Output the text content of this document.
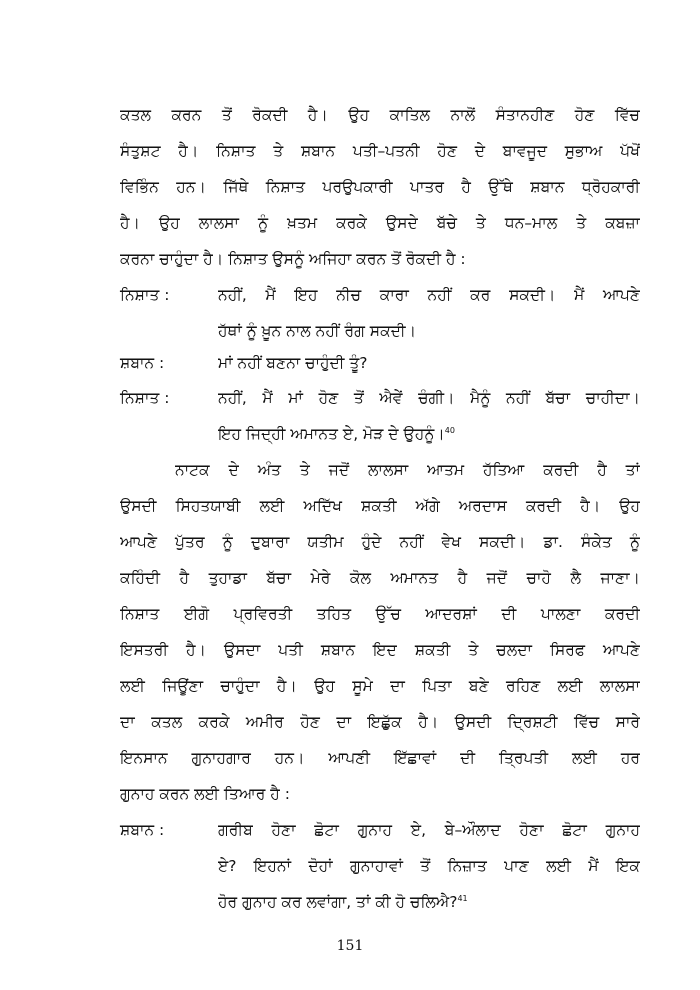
ਕਤਲ ਕਰਨ ਤੋਂ ਰੋਕਦੀ ਹੈ। ਉਹ ਕਾਤਿਲ ਨਾਲੋਂ ਸੰਤਾਨਹੀਣ ਹੋਣ ਵਿੱਚ
ਸੰਤੁਸ਼ਟ ਹੈ। ਨਿਸ਼ਾਤ ਤੇ ਸ਼ਬਾਨ ਪਤੀ–ਪਤਨੀ ਹੋਣ ਦੇ ਬਾਵਜੂਦ ਸੁਭਾਅ ਪੱਖੋਂ
ਵਿਭਿੰਨ ਹਨ। ਜਿੱਥੇ ਨਿਸ਼ਾਤ ਪਰਉਪਕਾਰੀ ਪਾਤਰ ਹੈ ਉੱਥੇ ਸ਼ਬਾਨ ਧ੍ਰੋਹਕਾਰੀ
ਹੈ। ਉਹ ਲਾਲਸਾ ਨੂੰ ਖ਼ਤਮ ਕਰਕੇ ਉਸਦੇ ਬੱਚੇ ਤੇ ਧਨ–ਮਾਲ ਤੇ ਕਬਜ਼ਾ
ਕਰਨਾ ਚਾਹੁੰਦਾ ਹੈ। ਨਿਸ਼ਾਤ ਉਸਨੂੰ ਅਜਿਹਾ ਕਰਨ ਤੋਂ ਰੋਕਦੀ ਹੈ :
ਨਿਸ਼ਾਤ :	ਨਹੀਂ, ਮੈਂ ਇਹ ਨੀਚ ਕਾਰਾ ਨਹੀਂ ਕਰ ਸਕਦੀ। ਮੈਂ ਆਪਣੇ
ਹੱਥਾਂ ਨੂੰ ਖ਼ੂਨ ਨਾਲ ਨਹੀਂ ਰੰਗ ਸਕਦੀ।
ਸ਼ਬਾਨ :	ਮਾਂ ਨਹੀਂ ਬਣਨਾ ਚਾਹੁੰਦੀ ਤੂੰ?
ਨਿਸ਼ਾਤ :	ਨਹੀਂ, ਮੈਂ ਮਾਂ ਹੋਣ ਤੋਂ ਐਵੇਂ ਚੰਗੀ। ਮੈਨੂੰ ਨਹੀਂ ਬੱਚਾ ਚਾਹੀਦਾ।
ਇਹ ਜਿਦ੍ਹੀ ਅਮਾਨਤ ਏ, ਮੋੜ ਦੇ ਉਹਨੂੰ।$^{40}$
ਨਾਟਕ ਦੇ ਅੰਤ ਤੇ ਜਦੋਂ ਲਾਲਸਾ ਆਤਮ ਹੱਤਿਆ ਕਰਦੀ ਹੈ ਤਾਂ
ਉਸਦੀ ਸਿਹਤਯਾਬੀ ਲਈ ਅਦਿੱਖ ਸ਼ਕਤੀ ਅੱਗੇ ਅਰਦਾਸ ਕਰਦੀ ਹੈ। ਉਹ
ਆਪਣੇ ਪੁੱਤਰ ਨੂੰ ਦੁਬਾਰਾ ਯਤੀਮ ਹੁੰਦੇ ਨਹੀਂ ਵੇਖ ਸਕਦੀ। ਡਾ. ਸੰਕੇਤ ਨੂੰ
ਕਹਿੰਦੀ ਹੈ ਤੁਹਾਡਾ ਬੱਚਾ ਮੇਰੇ ਕੋਲ ਅਮਾਨਤ ਹੈ ਜਦੋਂ ਚਾਹੋ ਲੈ ਜਾਣਾ।
ਨਿਸ਼ਾਤ ਈਗੋ ਪ੍ਰਵਿਰਤੀ ਤਹਿਤ ਉੱਚ ਆਦਰਸ਼ਾਂ ਦੀ ਪਾਲਣਾ ਕਰਦੀ
ਇਸਤਰੀ ਹੈ। ਉਸਦਾ ਪਤੀ ਸ਼ਬਾਨ ਇਦ ਸ਼ਕਤੀ ਤੇ ਚਲਦਾ ਸਿਰਫ ਆਪਣੇ
ਲਈ ਜਿਊਂਣਾ ਚਾਹੁੰਦਾ ਹੈ। ਉਹ ਸੂਮੇ ਦਾ ਪਿਤਾ ਬਣੇ ਰਹਿਣ ਲਈ ਲਾਲਸਾ
ਦਾ ਕਤਲ ਕਰਕੇ ਅਮੀਰ ਹੋਣ ਦਾ ਇਛੁੱਕ ਹੈ। ਉਸਦੀ ਦ੍ਰਿਸ਼ਟੀ ਵਿੱਚ ਸਾਰੇ
ਇਨਸਾਨ ਗੁਨਾਹਗਾਰ ਹਨ। ਆਪਣੀ ਇੱਛਾਵਾਂ ਦੀ ਤ੍ਰਿਪਤੀ ਲਈ ਹਰ
ਗੁਨਾਹ ਕਰਨ ਲਈ ਤਿਆਰ ਹੈ :
ਸ਼ਬਾਨ :	ਗਰੀਬ ਹੋਣਾ ਛੋਟਾ ਗੁਨਾਹ ਏ, ਬੇ–ਔਲਾਦ ਹੋਣਾ ਛੋਟਾ ਗੁਨਾਹ
ਏ? ਇਹਨਾਂ ਦੋਹਾਂ ਗੁਨਾਹਾਵਾਂ ਤੋਂ ਨਿਜ਼ਾਤ ਪਾਣ ਲਈ ਮੈਂ ਇਕ
ਹੋਰ ਗੁਨਾਹ ਕਰ ਲਵਾਂਗਾ, ਤਾਂ ਕੀ ਹੋ ਚਲਿਐ?$^{41}$
151
